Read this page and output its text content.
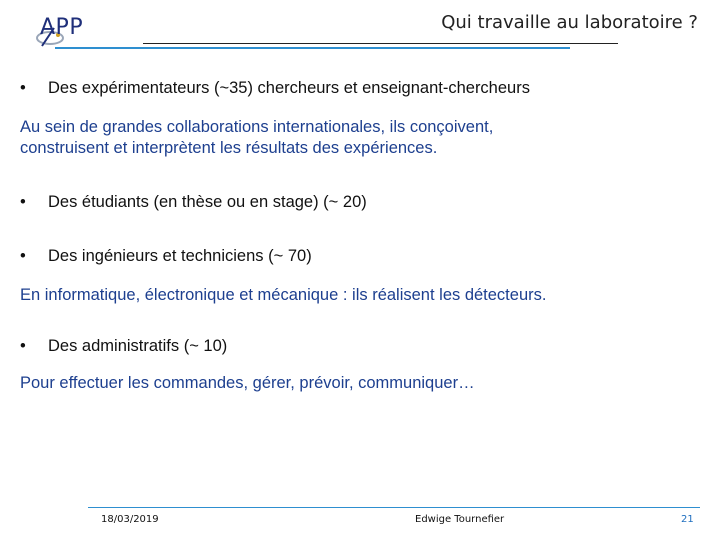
APP	Qui travaille au laboratoire ?
• Des expérimentateurs (~35) chercheurs et enseignant-chercheurs
Au sein de grandes collaborations internationales, ils conçoivent,
construisent et interprètent les résultats des expériences.
• Des étudiants (en thèse ou en stage) (~ 20)
• Des ingénieurs et techniciens (~ 70)
En informatique, électronique et mécanique : ils réalisent les détecteurs.
• Des administratifs (~ 10)
Pour effectuer les commandes, gérer, prévoir, communiquer…
18/03/2019	Edwige Tournefier	21
